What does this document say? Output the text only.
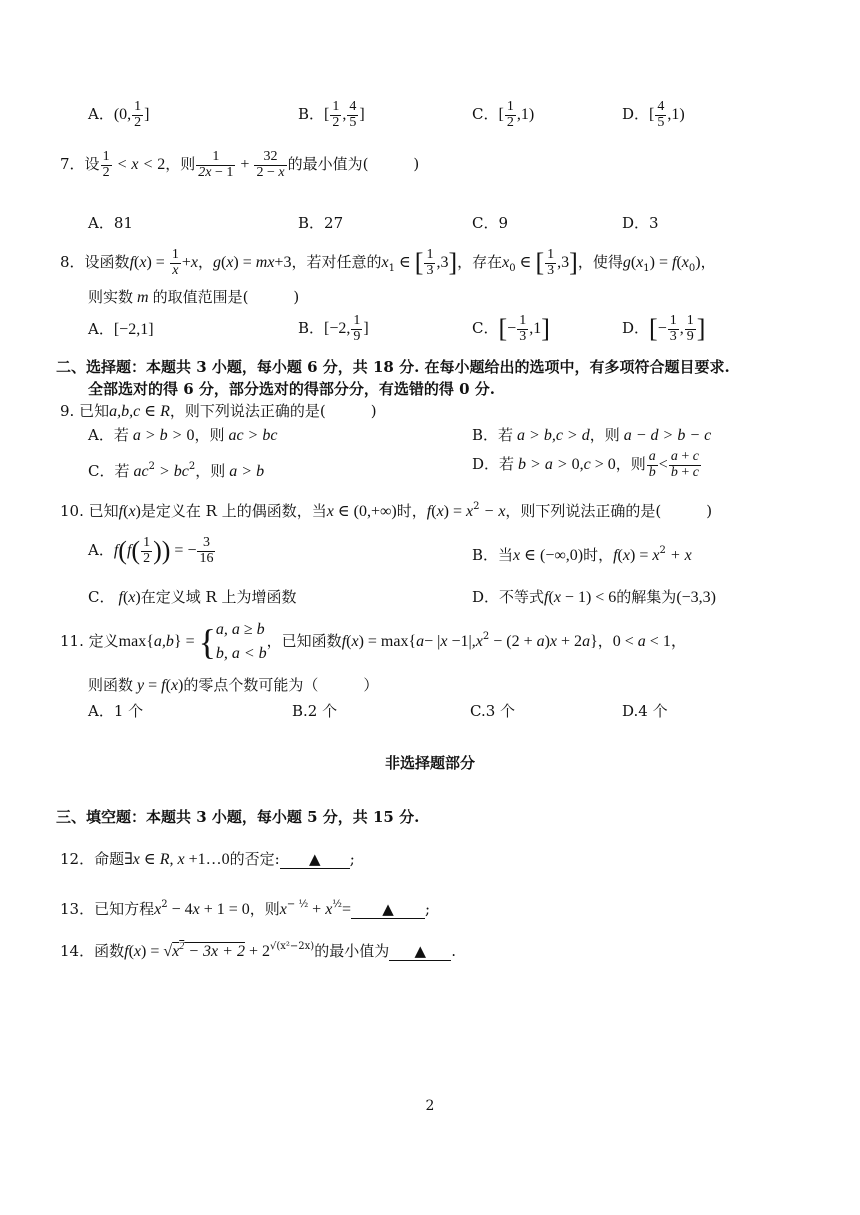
A．(0, $\frac{1}{2}$ ]	B．[ $\frac{1}{2}$ , $\frac{4}{5}$ ]	C．[ $\frac{1}{2} ,1$)	D．[ $\frac{4}{5} ,1$)
7．设 $\frac{1}{2} < x < 2$，则 $\frac{1}{2x - 1} + \frac{32}{2 - x}$ 的最小值为(　　　)
A．81	B．27	C．9	D．3
8．设函数$f(x) = \frac{1}{x} +x$，g(x) = mx+3，若对任意的$x_1$ ∈ [ $\frac{1}{3} ,3$]，存在$x_0$ ∈ [ $\frac{1}{3} ,3$]，使得$g(x_1) = f(x_0)$，
则实数 m 的取值范围是(　　　)
A．[−2,1]	B．[−2, $\frac{1}{9}$ ]	C．[− $\frac{1}{3} ,1$]	D．[− $\frac{1}{3}$ , $\frac{1}{9}$ ]
二、选择题：本题共 3 小题，每小题 6 分，共 18 分. 在每小题给出的选项中，有多项符合题目要求.
全部选对的得 6 分，部分选对的得部分分，有选错的得 0 分.
9. 已知a,b,c ∈ R，则下列说法正确的是(　　　)
A．若 a > b > 0，则 ac > bc	B．若 a > b,c > d，则 a − d > b − c
C．若 $ac^2 > bc^2$，则 a > b	D．若 b > a > 0,c > 0，则 $\frac{a}{b} < \frac{a + c}{b + c}$
10. 已知f(x)是定义在 R 上的偶函数，当x ∈ (0,+∞)时，$f(x) = x^2 - x$，则下列说法正确的是(　　　)
A．$f(f( \frac{1}{2}$ )) = − $\frac{3}{16}$	B．当x ∈ (−∞,0)时，$f(x) = x^2 + x$
C． f(x)在定义域 R 上为增函数	D．不等式f(x − 1) < 6的解集为(−3,3)
11. 定义max{a,b} = { a, a ≥ b
b, a < b
，已知函数$f(x) = \max\{a- |x -1|,x^2 - (2 + a)x + 2a\}$，0 < a < 1，
则函数 y = f(x)的零点个数可能为（　　　）
A．1 个	B.2 个	C.3 个	D.4 个
非选择题部分
三、填空题：本题共 3 小题，每小题 5 分，共 15 分.
12．命题∃x ∈ R, x +1…0的否定: ▲ ;
13．已知方程$x^2 - 4x + 1 = 0$，则$x^{- \frac{1}{2}} + x^{\frac{1}{2}}=$ ▲ ;
14．函数$f(x) = √x^2 - 3x + 2 + 2^{√(x^2-2x)}$的最小值为 ▲ .
2
